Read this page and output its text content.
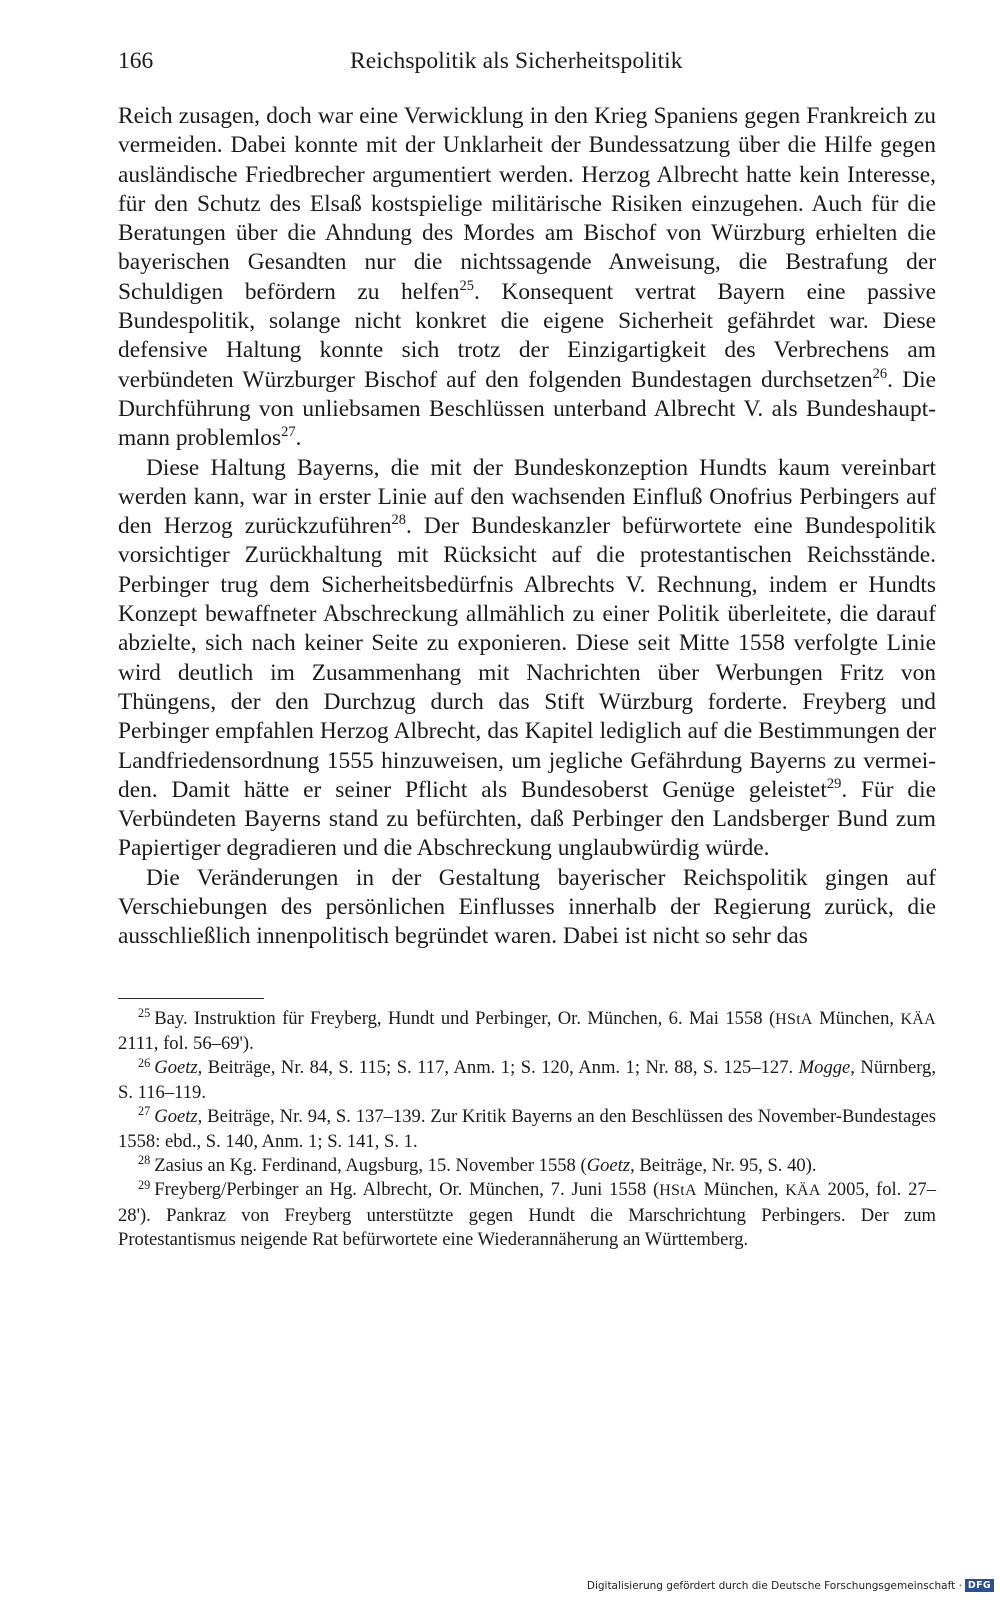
166	Reichspolitik als Sicherheitspolitik

Reich zusagen, doch war eine Verwicklung in den Krieg Spaniens gegen Frankreich zu vermeiden. Dabei konnte mit der Unklarheit der Bundessatzung über die Hilfe gegen ausländische Friedbrecher argumentiert werden. Herzog Albrecht hatte kein Interesse, für den Schutz des Elsaß kostspielige militärische Risiken einzugehen. Auch für die Beratungen über die Ahndung des Mordes am Bischof von Würzburg erhielten die bayerischen Gesandten nur die nichtssagende Anweisung, die Bestrafung der Schuldigen befördern zu helfen$^{25}$. Konsequent vertrat Bayern eine passive Bundespolitik, solange nicht konkret die eigene Sicherheit gefährdet war. Diese defensive Haltung konnte sich trotz der Einzigartigkeit des Verbrechens am verbündeten Würzburger Bischof auf den folgenden Bundestagen durchsetzen$^{26}$. Die Durchführung von unliebsamen Beschlüssen unterband Albrecht V. als Bundeshauptmann problemlos$^{27}$.

Diese Haltung Bayerns, die mit der Bundeskonzeption Hundts kaum vereinbart werden kann, war in erster Linie auf den wachsenden Einfluß Onofrius Perbingers auf den Herzog zurückzuführen$^{28}$. Der Bundeskanzler befürwortete eine Bundespolitik vorsichtiger Zurückhaltung mit Rücksicht auf die protestantischen Reichsstände. Perbinger trug dem Sicherheitsbedürfnis Albrechts V. Rechnung, indem er Hundts Konzept bewaffneter Abschreckung allmählich zu einer Politik überleitete, die darauf abzielte, sich nach keiner Seite zu exponieren. Diese seit Mitte 1558 verfolgte Linie wird deutlich im Zusammenhang mit Nachrichten über Werbungen Fritz von Thüngens, der den Durchzug durch das Stift Würzburg forderte. Freyberg und Perbinger empfahlen Herzog Albrecht, das Kapitel lediglich auf die Bestimmungen der Landfriedensordnung 1555 hinzuweisen, um jegliche Gefährdung Bayerns zu vermeiden. Damit hätte er seiner Pflicht als Bundesoberst Genüge geleistet$^{29}$. Für die Verbündeten Bayerns stand zu befürchten, daß Perbinger den Landsberger Bund zum Papiertiger degradieren und die Abschreckung unglaubwürdig würde.

Die Veränderungen in der Gestaltung bayerischer Reichspolitik gingen auf Verschiebungen des persönlichen Einflusses innerhalb der Regierung zurück, die ausschließlich innenpolitisch begründet waren. Dabei ist nicht so sehr das

$^{25}$ Bay. Instruktion für Freyberg, Hundt und Perbinger, Or. München, 6. Mai 1558 (HStA München, KÄA 2111, fol. 56–69').

$^{26}$ Goetz, Beiträge, Nr. 84, S. 115; S. 117, Anm. 1; S. 120, Anm. 1; Nr. 88, S. 125–127. Mogge, Nürnberg, S. 116–119.

$^{27}$ Goetz, Beiträge, Nr. 94, S. 137–139. Zur Kritik Bayerns an den Beschlüssen des November-Bundestages 1558: ebd., S. 140, Anm. 1; S. 141, S. 1.

$^{28}$ Zasius an Kg. Ferdinand, Augsburg, 15. November 1558 (Goetz, Beiträge, Nr. 95, S. 40).

$^{29}$ Freyberg/Perbinger an Hg. Albrecht, Or. München, 7. Juni 1558 (HStA München, KÄA 2005, fol. 27–28'). Pankraz von Freyberg unterstützte gegen Hundt die Marschrichtung Perbingers. Der zum Protestantismus neigende Rat befürwortete eine Wiederannäherung an Württemberg.

Digitalisierung gefördert durch die Deutsche Forschungsgemeinschaft · DFG
